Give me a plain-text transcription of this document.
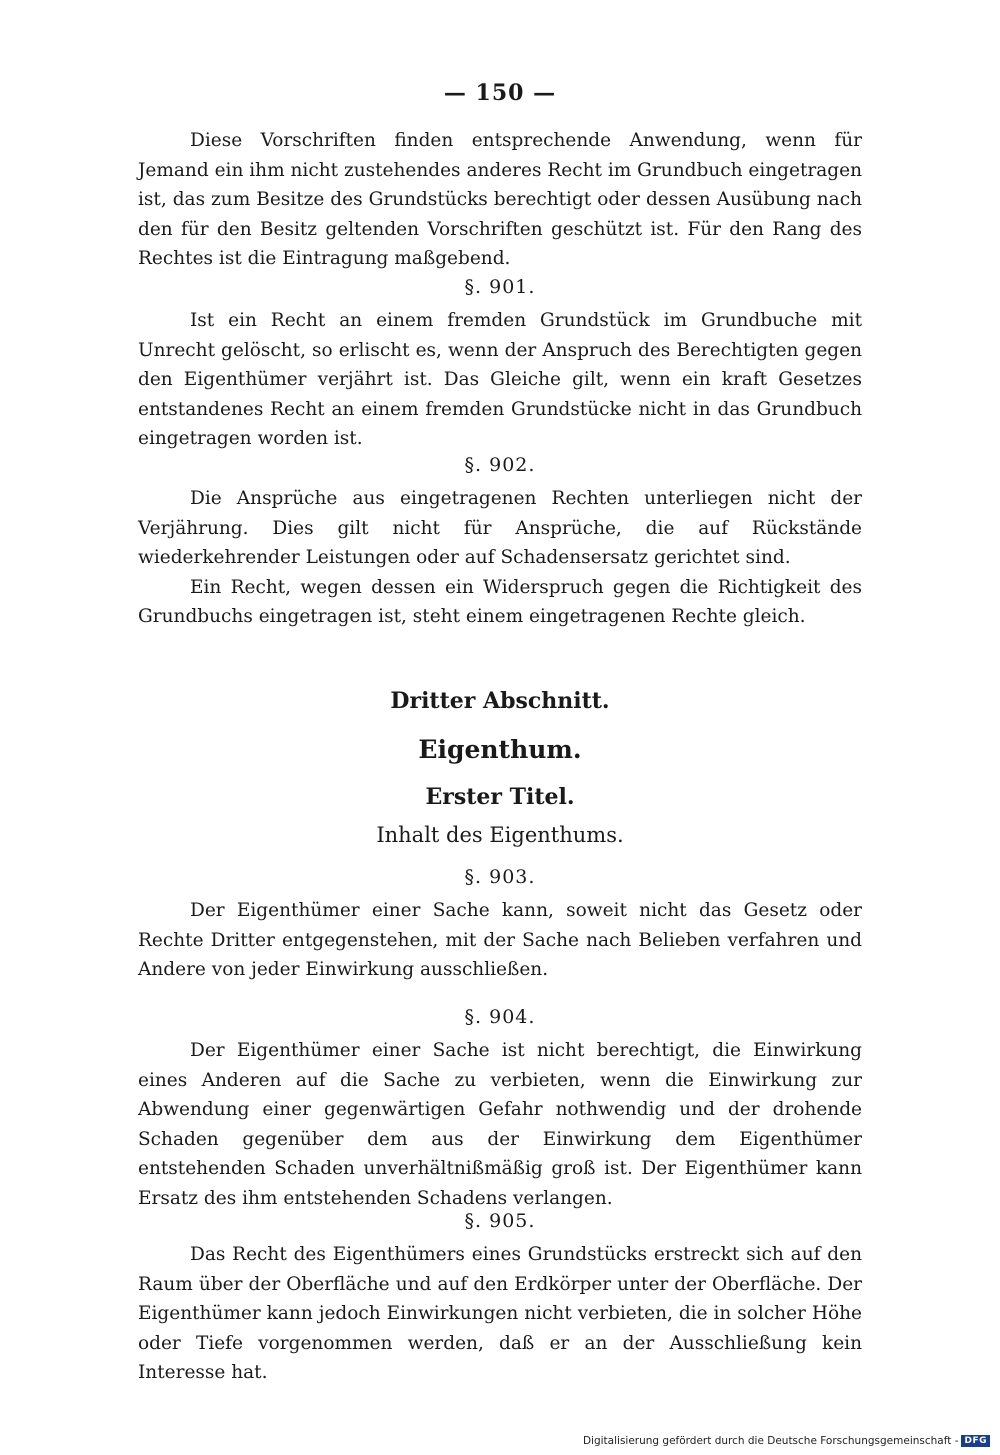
— 150 —

Diese Vorschriften finden entsprechende Anwendung, wenn für Jemand ein ihm nicht zustehendes anderes Recht im Grundbuch eingetragen ist, das zum Besitze des Grundstücks berechtigt oder dessen Ausübung nach den für den Besitz geltenden Vorschriften geschützt ist. Für den Rang des Rechtes ist die Eintragung maßgebend.

§. 901.

Ist ein Recht an einem fremden Grundstück im Grundbuche mit Unrecht gelöscht, so erlischt es, wenn der Anspruch des Berechtigten gegen den Eigenthümer verjährt ist. Das Gleiche gilt, wenn ein kraft Gesetzes entstandenes Recht an einem fremden Grundstücke nicht in das Grundbuch eingetragen worden ist.

§. 902.

Die Ansprüche aus eingetragenen Rechten unterliegen nicht der Verjährung. Dies gilt nicht für Ansprüche, die auf Rückstände wiederkehrender Leistungen oder auf Schadensersatz gerichtet sind.

Ein Recht, wegen dessen ein Widerspruch gegen die Richtigkeit des Grundbuchs eingetragen ist, steht einem eingetragenen Rechte gleich.

Dritter Abschnitt.
Eigenthum.
Erster Titel.
Inhalt des Eigenthums.
§. 903.

Der Eigenthümer einer Sache kann, soweit nicht das Gesetz oder Rechte Dritter entgegenstehen, mit der Sache nach Belieben verfahren und Andere von jeder Einwirkung ausschließen.

§. 904.

Der Eigenthümer einer Sache ist nicht berechtigt, die Einwirkung eines Anderen auf die Sache zu verbieten, wenn die Einwirkung zur Abwendung einer gegenwärtigen Gefahr nothwendig und der drohende Schaden gegenüber dem aus der Einwirkung dem Eigenthümer entstehenden Schaden unverhältnißmäßig groß ist. Der Eigenthümer kann Ersatz des ihm entstehenden Schadens verlangen.

§. 905.

Das Recht des Eigenthümers eines Grundstücks erstreckt sich auf den Raum über der Oberfläche und auf den Erdkörper unter der Oberfläche. Der Eigenthümer kann jedoch Einwirkungen nicht verbieten, die in solcher Höhe oder Tiefe vorgenommen werden, daß er an der Ausschließung kein Interesse hat.

Digitalisierung gefördert durch die Deutsche Forschungsgemeinschaft - DFG
